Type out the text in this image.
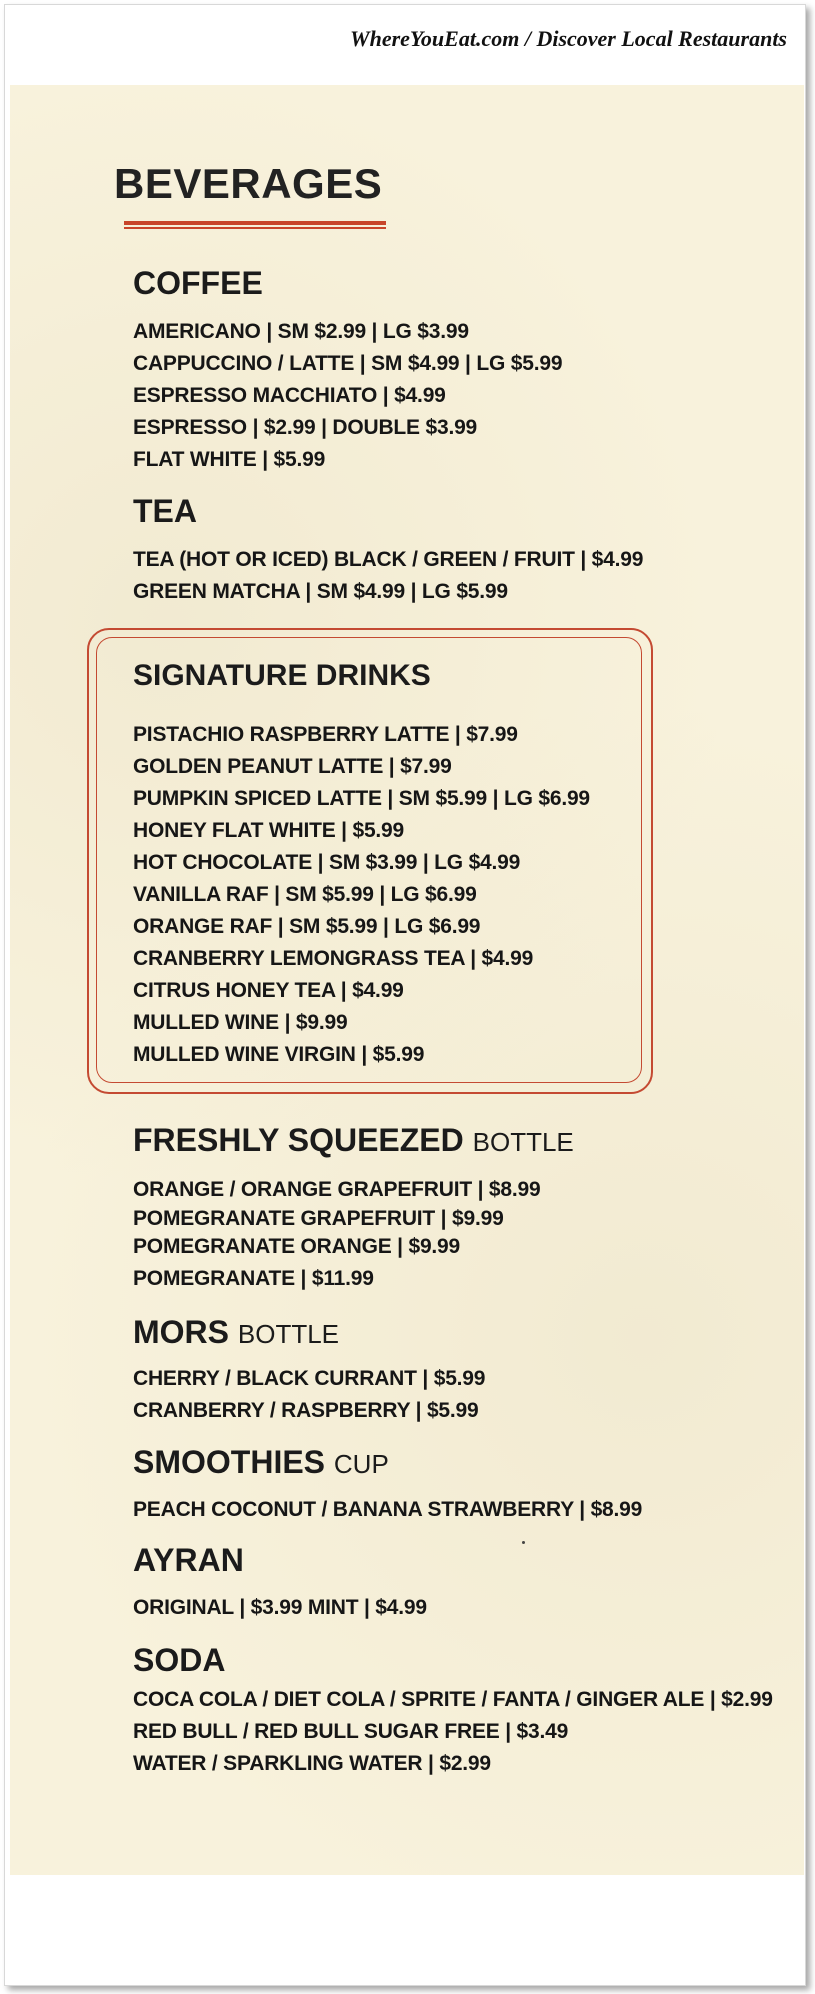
WhereYouEat.com / Discover Local Restaurants
BEVERAGES
COFFEE
AMERICANO | SM $2.99 | LG $3.99
CAPPUCCINO / LATTE | SM $4.99 | LG $5.99
ESPRESSO MACCHIATO | $4.99
ESPRESSO | $2.99 | DOUBLE $3.99
FLAT WHITE | $5.99
TEA
TEA (HOT OR ICED) BLACK / GREEN / FRUIT | $4.99
GREEN MATCHA | SM $4.99 | LG $5.99
SIGNATURE DRINKS
PISTACHIO RASPBERRY LATTE | $7.99
GOLDEN PEANUT LATTE | $7.99
PUMPKIN SPICED LATTE | SM $5.99 | LG $6.99
HONEY FLAT WHITE | $5.99
HOT CHOCOLATE | SM $3.99 | LG $4.99
VANILLA RAF | SM $5.99 | LG $6.99
ORANGE RAF | SM $5.99 | LG $6.99
CRANBERRY LEMONGRASS TEA | $4.99
CITRUS HONEY TEA | $4.99
MULLED WINE | $9.99
MULLED WINE VIRGIN | $5.99
FRESHLY SQUEEZED BOTTLE
ORANGE / ORANGE GRAPEFRUIT | $8.99
POMEGRANATE GRAPEFRUIT | $9.99
POMEGRANATE ORANGE | $9.99
POMEGRANATE | $11.99
MORS BOTTLE
CHERRY / BLACK CURRANT | $5.99
CRANBERRY / RASPBERRY | $5.99
SMOOTHIES CUP
PEACH COCONUT / BANANA STRAWBERRY | $8.99
AYRAN
ORIGINAL | $3.99 MINT | $4.99
SODA
COCA COLA / DIET COLA / SPRITE / FANTA / GINGER ALE | $2.99
RED BULL / RED BULL SUGAR FREE | $3.49
WATER / SPARKLING WATER | $2.99
